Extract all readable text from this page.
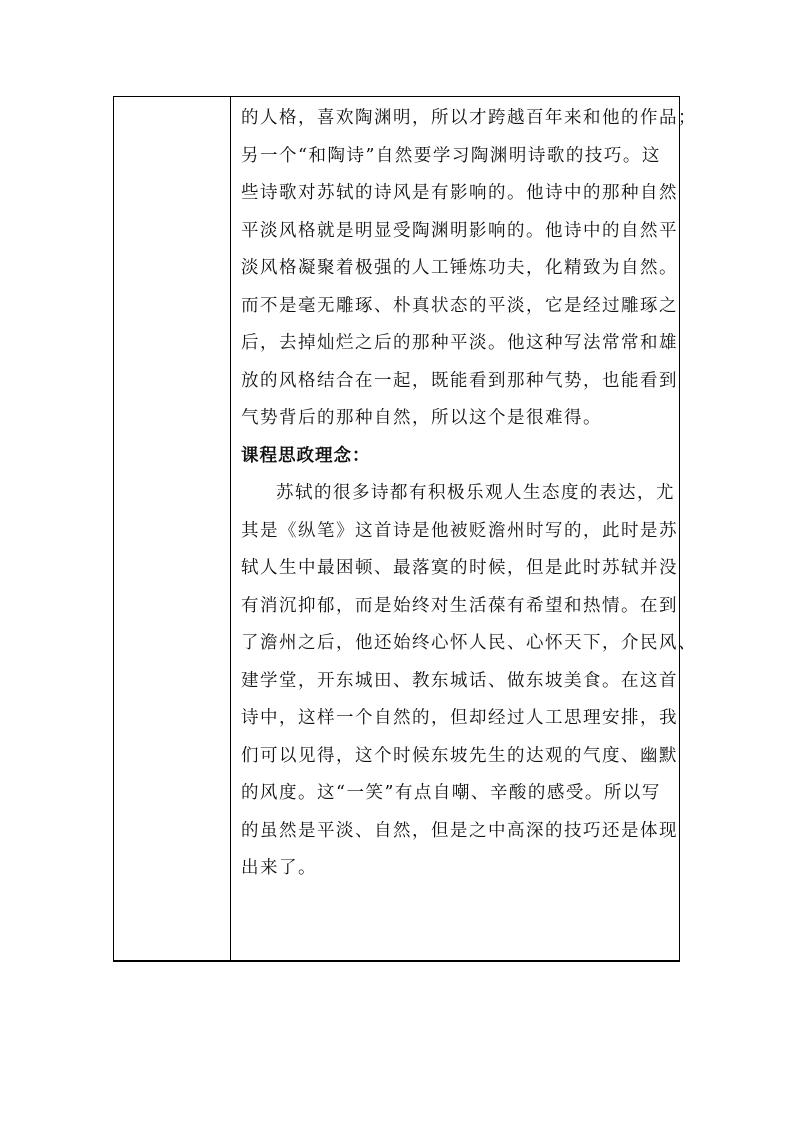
的人格，喜欢陶渊明，所以才跨越百年来和他的作品；
另一个“和陶诗”自然要学习陶渊明诗歌的技巧。这
些诗歌对苏轼的诗风是有影响的。他诗中的那种自然
平淡风格就是明显受陶渊明影响的。他诗中的自然平
淡风格凝聚着极强的人工锤炼功夫，化精致为自然。
而不是毫无雕琢、朴真状态的平淡，它是经过雕琢之
后，去掉灿烂之后的那种平淡。他这种写法常常和雄
放的风格结合在一起，既能看到那种气势，也能看到
气势背后的那种自然，所以这个是很难得。
课程思政理念：
苏轼的很多诗都有积极乐观人生态度的表达，尤
其是《纵笔》这首诗是他被贬澹州时写的，此时是苏
轼人生中最困顿、最落寞的时候，但是此时苏轼并没
有消沉抑郁，而是始终对生活葆有希望和热情。在到
了澹州之后，他还始终心怀人民、心怀天下，介民风、
建学堂，开东城田、教东城话、做东坡美食。在这首
诗中，这样一个自然的，但却经过人工思理安排，我
们可以见得，这个时候东坡先生的达观的气度、幽默
的风度。这“一笑”有点自嘲、辛酸的感受。所以写
的虽然是平淡、自然，但是之中高深的技巧还是体现
出来了。
